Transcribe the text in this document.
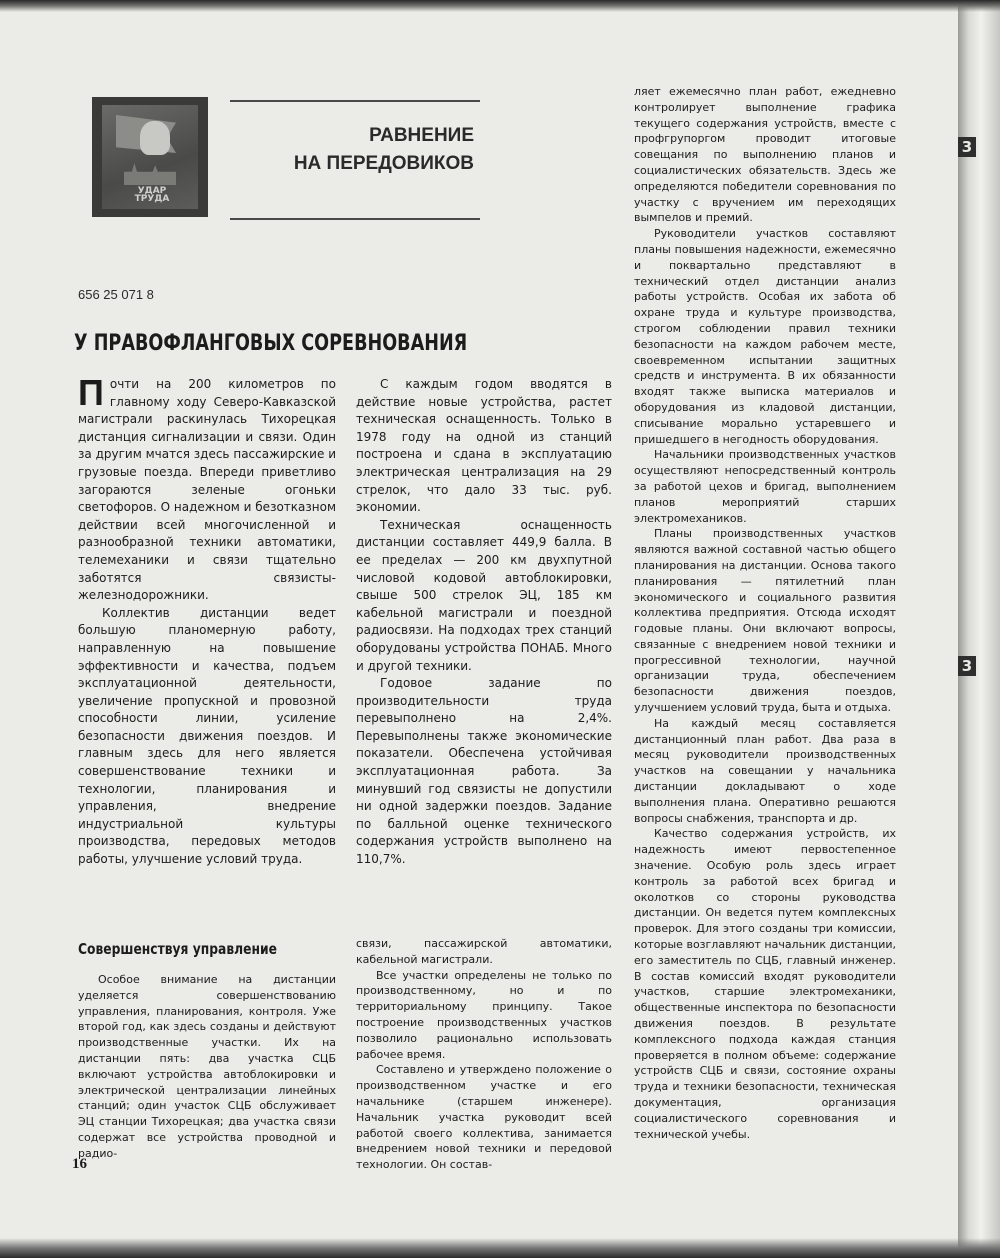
3
3
УДАР
ТРУДА
РАВНЕНИЕ
НА ПЕРЕДОВИКОВ
656 25 071 8
У ПРАВОФЛАНГОВЫХ СОРЕВНОВАНИЯ

Почти на 200 километров по главному ходу Северо-Кавказской магистрали раскинулась Тихорецкая дистанция сигнализации и связи. Один за другим мчатся здесь пассажирские и грузовые поезда. Впереди приветливо загораются зеленые огоньки светофоров. О надежном и безотказном действии всей многочисленной и разнообразной техники автоматики, телемеханики и связи тщательно заботятся связисты-железнодорожники.

Коллектив дистанции ведет большую планомерную работу, направленную на повышение эффективности и качества, подъем эксплуатационной деятельности, увеличение пропускной и провозной способности линии, усиление безопасности движения поездов. И главным здесь для него является совершенствование техники и технологии, планирования и управления, внедрение индустриальной культуры производства, передовых методов работы, улучшение условий труда.

С каждым годом вводятся в действие новые устройства, растет техническая оснащенность. Только в 1978 году на одной из станций построена и сдана в эксплуатацию электрическая централизация на 29 стрелок, что дало 33 тыс. руб. экономии.

Техническая оснащенность дистанции составляет 449,9 балла. В ее пределах — 200 км двухпутной числовой кодовой автоблокировки, свыше 500 стрелок ЭЦ, 185 км кабельной магистрали и поездной радиосвязи. На подходах трех станций оборудованы устройства ПОНАБ. Много и другой техники.

Годовое задание по производительности труда перевыполнено на 2,4%. Перевыполнены также экономические показатели. Обеспечена устойчивая эксплуатационная работа. За минувший год связисты не допустили ни одной задержки поездов. Задание по балльной оценке технического содержания устройств выполнено на 110,7%.

Совершенствуя управление

Особое внимание на дистанции уделяется совершенствованию управления, планирования, контроля. Уже второй год, как здесь созданы и действуют производственные участки. Их на дистанции пять: два участка СЦБ включают устройства автоблокировки и электрической централизации линейных станций; один участок СЦБ обслуживает ЭЦ станции Тихорецкая; два участка связи содержат все устройства проводной и радио-

связи, пассажирской автоматики, кабельной магистрали.

Все участки определены не только по производственному, но и по территориальному принципу. Такое построение производственных участков позволило рационально использовать рабочее время.

Составлено и утверждено положение о производственном участке и его начальнике (старшем инженере). Начальник участка руководит всей работой своего коллектива, занимается внедрением новой техники и передовой технологии. Он состав-

ляет ежемесячно план работ, ежедневно контролирует выполнение графика текущего содержания устройств, вместе с профгрупоргом проводит итоговые совещания по выполнению планов и социалистических обязательств. Здесь же определяются победители соревнования по участку с вручением им переходящих вымпелов и премий.

Руководители участков составляют планы повышения надежности, ежемесячно и поквартально представляют в технический отдел дистанции анализ работы устройств. Особая их забота об охране труда и культуре производства, строгом соблюдении правил техники безопасности на каждом рабочем месте, своевременном испытании защитных средств и инструмента. В их обязанности входят также выписка материалов и оборудования из кладовой дистанции, списывание морально устаревшего и пришедшего в негодность оборудования.

Начальники производственных участков осуществляют непосредственный контроль за работой цехов и бригад, выполнением планов мероприятий старших электромехаников.

Планы производственных участков являются важной составной частью общего планирования на дистанции. Основа такого планирования — пятилетний план экономического и социального развития коллектива предприятия. Отсюда исходят годовые планы. Они включают вопросы, связанные с внедрением новой техники и прогрессивной технологии, научной организации труда, обеспечением безопасности движения поездов, улучшением условий труда, быта и отдыха.

На каждый месяц составляется дистанционный план работ. Два раза в месяц руководители производственных участков на совещании у начальника дистанции докладывают о ходе выполнения плана. Оперативно решаются вопросы снабжения, транспорта и др.

Качество содержания устройств, их надежность имеют первостепенное значение. Особую роль здесь играет контроль за работой всех бригад и околотков со стороны руководства дистанции. Он ведется путем комплексных проверок. Для этого созданы три комиссии, которые возглавляют начальник дистанции, его заместитель по СЦБ, главный инженер. В состав комиссий входят руководители участков, старшие электромеханики, общественные инспектора по безопасности движения поездов. В результате комплексного подхода каждая станция проверяется в полном объеме: содержание устройств СЦБ и связи, состояние охраны труда и техники безопасности, техническая документация, организация социалистического соревнования и технической учебы.

16
